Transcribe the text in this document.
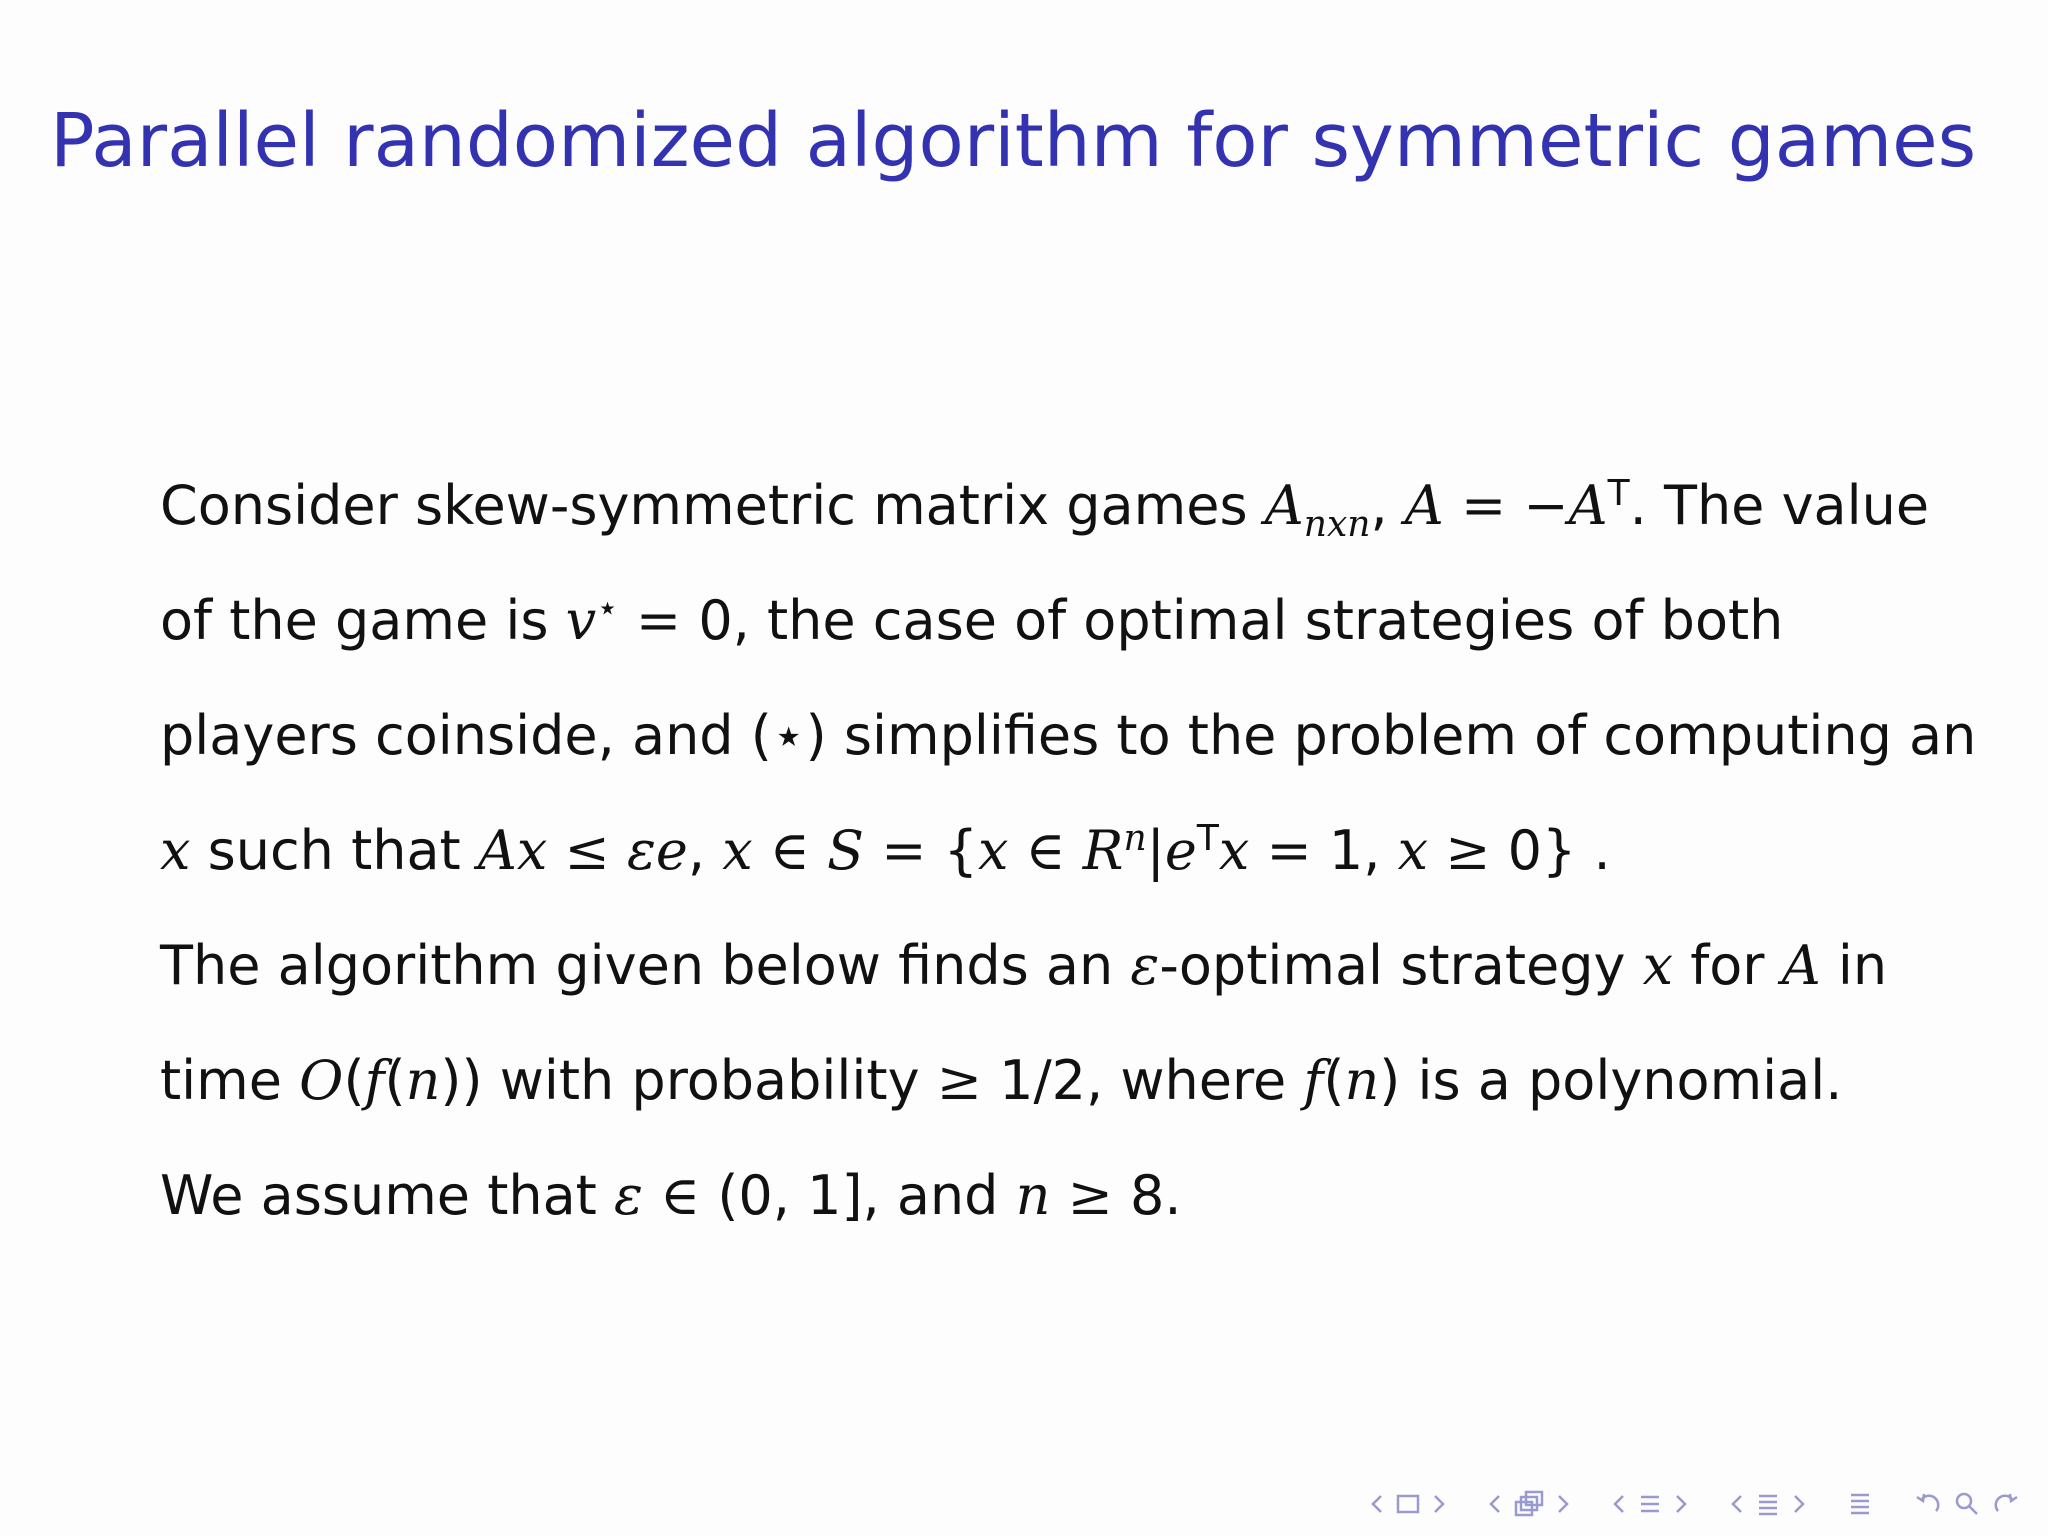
Parallel randomized algorithm for symmetric games
Consider skew-symmetric matrix games $A_{nxn}$, $A = -A^T$. The value
of the game is v⋆ = 0, the case of optimal strategies of both
players coinside, and (⋆) simplifies to the problem of computing an
x such that Ax ≤ εe, x ∈ S = {x ∈ $R^n|e^Tx = 1$, x ≥ 0} .
The algorithm given below finds an ε-optimal strategy x for A in
time O(f(n)) with probability ≥ 1/2, where f(n) is a polynomial.
We assume that ε ∈ (0, 1], and n ≥ 8.
